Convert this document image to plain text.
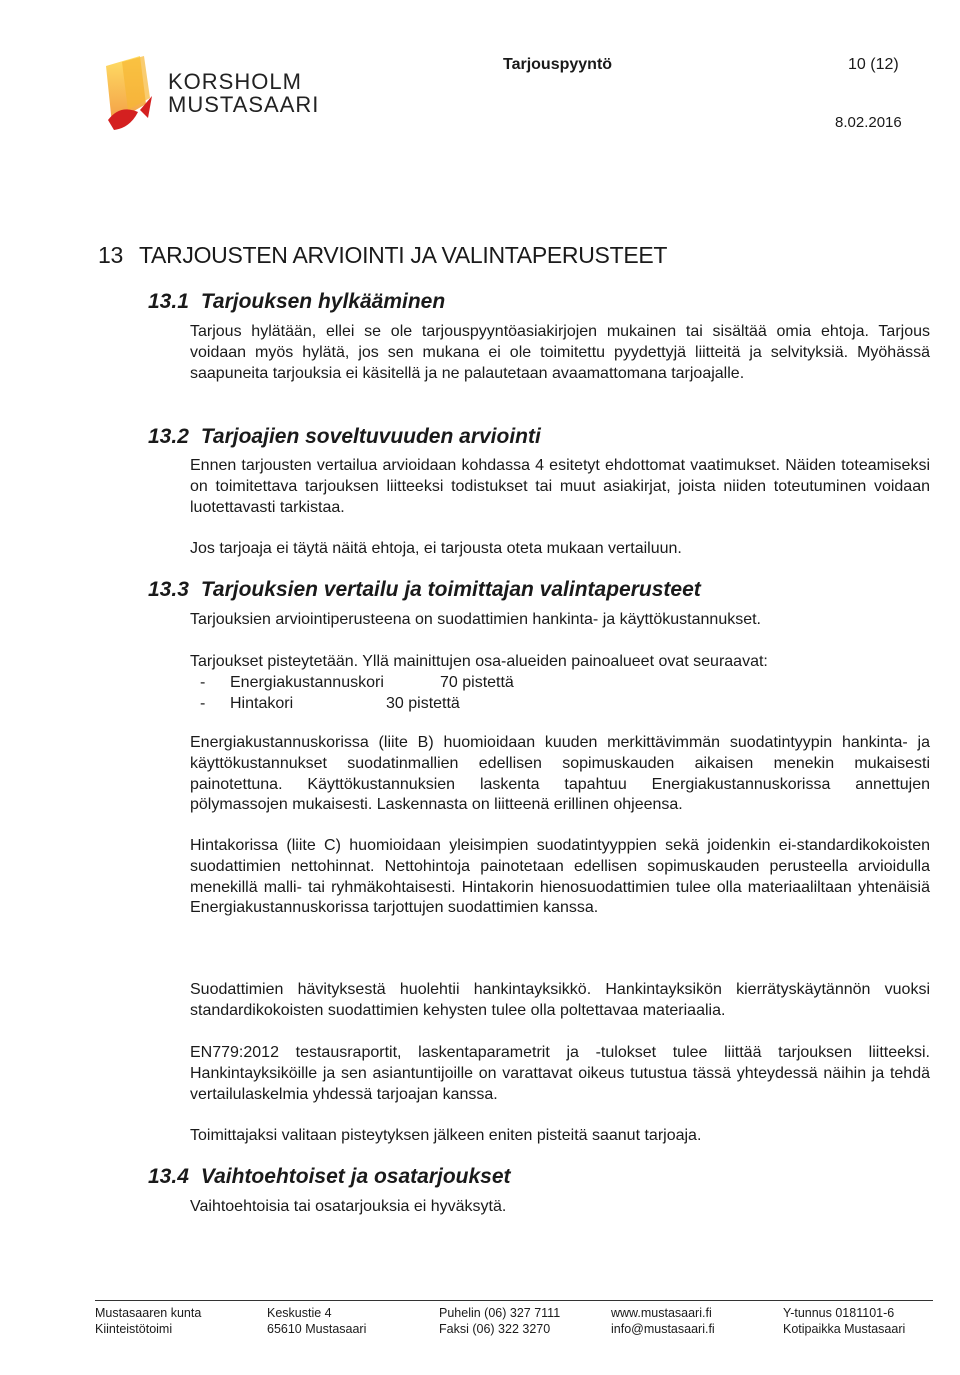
KORSHOLM
MUSTASAARI
Tarjouspyyntö	10 (12)
8.02.2016
13 TARJOUSTEN ARVIOINTI JA VALINTAPERUSTEET
13.1 Tarjouksen hylkääminen
Tarjous hylätään, ellei se ole tarjouspyyntöasiakirjojen mukainen tai sisältää omia ehtoja. Tarjous voidaan myös hylätä, jos sen mukana ei ole toimitettu pyydettyjä liitteitä ja selvityksiä. Myöhässä saapuneita tarjouksia ei käsitellä ja ne palautetaan avaamattomana tarjoajalle.
13.2 Tarjoajien soveltuvuuden arviointi
Ennen tarjousten vertailua arvioidaan kohdassa 4 esitetyt ehdottomat vaatimukset. Näiden toteamiseksi on toimitettava tarjouksen liitteeksi todistukset tai muut asiakirjat, joista niiden toteutuminen voidaan luotettavasti tarkistaa.
Jos tarjoaja ei täytä näitä ehtoja, ei tarjousta oteta mukaan vertailuun.
13.3 Tarjouksien vertailu ja toimittajan valintaperusteet
Tarjouksien arviointiperusteena on suodattimien hankinta- ja käyttökustannukset.
Tarjoukset pisteytetään. Yllä mainittujen osa-alueiden painoalueet ovat seuraavat:
-	Energiakustannuskori	70 pistettä
-	Hintakori	30 pistettä
Energiakustannuskorissa (liite B) huomioidaan kuuden merkittävimmän suodatintyypin hankinta- ja käyttökustannukset suodatinmallien edellisen sopimuskauden aikaisen menekin mukaisesti painotettuna. Käyttökustannuksien laskenta tapahtuu Energiakustannuskorissa annettujen pölymassojen mukaisesti. Laskennasta on liitteenä erillinen ohjeensa.
Hintakorissa (liite C) huomioidaan yleisimpien suodatintyyppien sekä joidenkin ei-standardikokoisten suodattimien nettohinnat. Nettohintoja painotetaan edellisen sopimuskauden perusteella arvioidulla menekillä malli- tai ryhmäkohtaisesti. Hintakorin hienosuodattimien tulee olla materiaaliltaan yhtenäisiä Energiakustannuskorissa tarjottujen suodattimien kanssa.
Suodattimien hävityksestä huolehtii hankintayksikkö. Hankintayksikön kierrätyskäytännön vuoksi standardikokoisten suodattimien kehysten tulee olla poltettavaa materiaalia.
EN779:2012 testausraportit, laskentaparametrit ja -tulokset tulee liittää tarjouksen liitteeksi. Hankintayksiköille ja sen asiantuntijoille on varattavat oikeus tutustua tässä yhteydessä näihin ja tehdä vertailulaskelmia yhdessä tarjoajan kanssa.
Toimittajaksi valitaan pisteytyksen jälkeen eniten pisteitä saanut tarjoaja.
13.4 Vaihtoehtoiset ja osatarjoukset
Vaihtoehtoisia tai osatarjouksia ei hyväksytä.
Mustasaaren kunta
Kiinteistötoimi
Keskustie 4
65610 Mustasaari
Puhelin (06) 327 7111
Faksi (06) 322 3270
www.mustasaari.fi
info@mustasaari.fi
Y-tunnus 0181101-6
Kotipaikka Mustasaari
